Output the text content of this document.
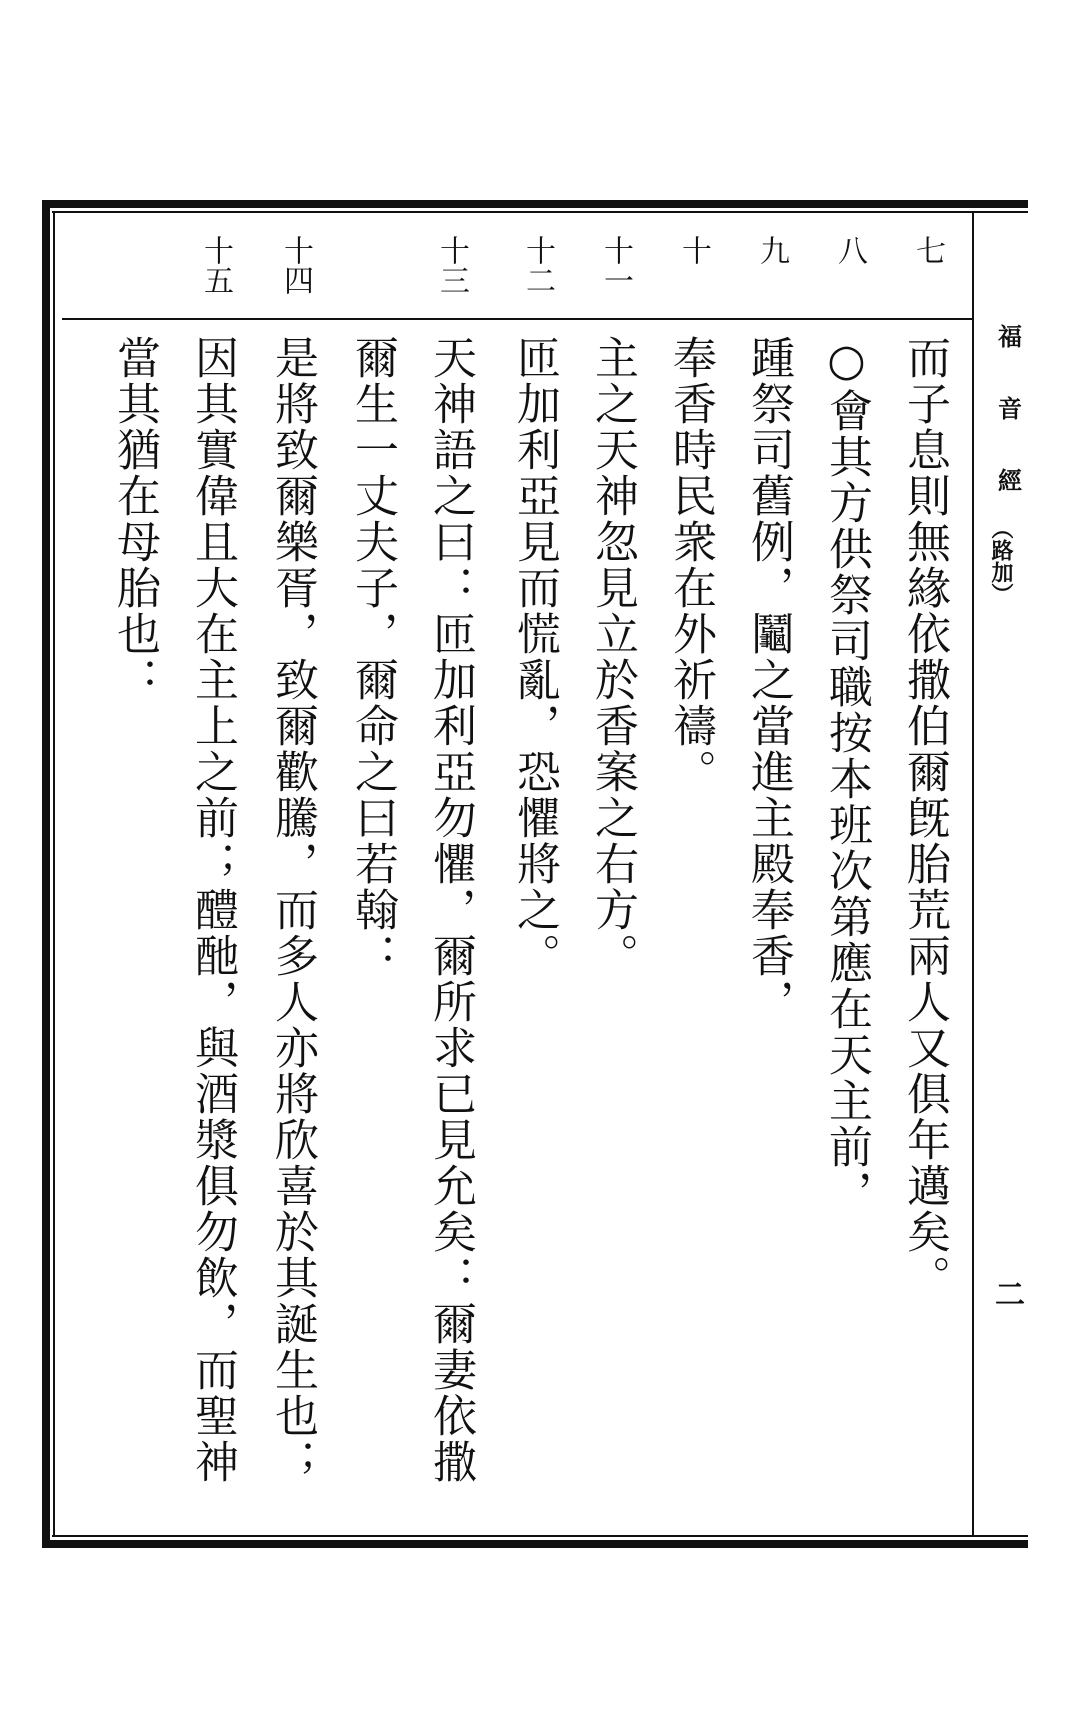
福
音
經
（路加）
二
七
八
九
十
十一
十二
十三
十四
十五
而子息則無緣依撒伯爾旣胎荒兩人又俱年邁矣。
○會其方供祭司職按本班次第應在天主前，
踵祭司舊例，鬮之當進主殿奉香，
奉香時民衆在外祈禱。
主之天神忽見立於香案之右方。
匝加利亞見而慌亂，恐懼將之。
天神語之曰：匝加利亞勿懼，爾所求已見允矣：爾妻依撒
爾生一丈夫子，爾命之曰若翰：
是將致爾樂胥，致爾歡騰，而多人亦將欣喜於其誕生也；
因其實偉且大在主上之前；醴酏，與酒漿俱勿飲，而聖神
當其猶在母胎也：
